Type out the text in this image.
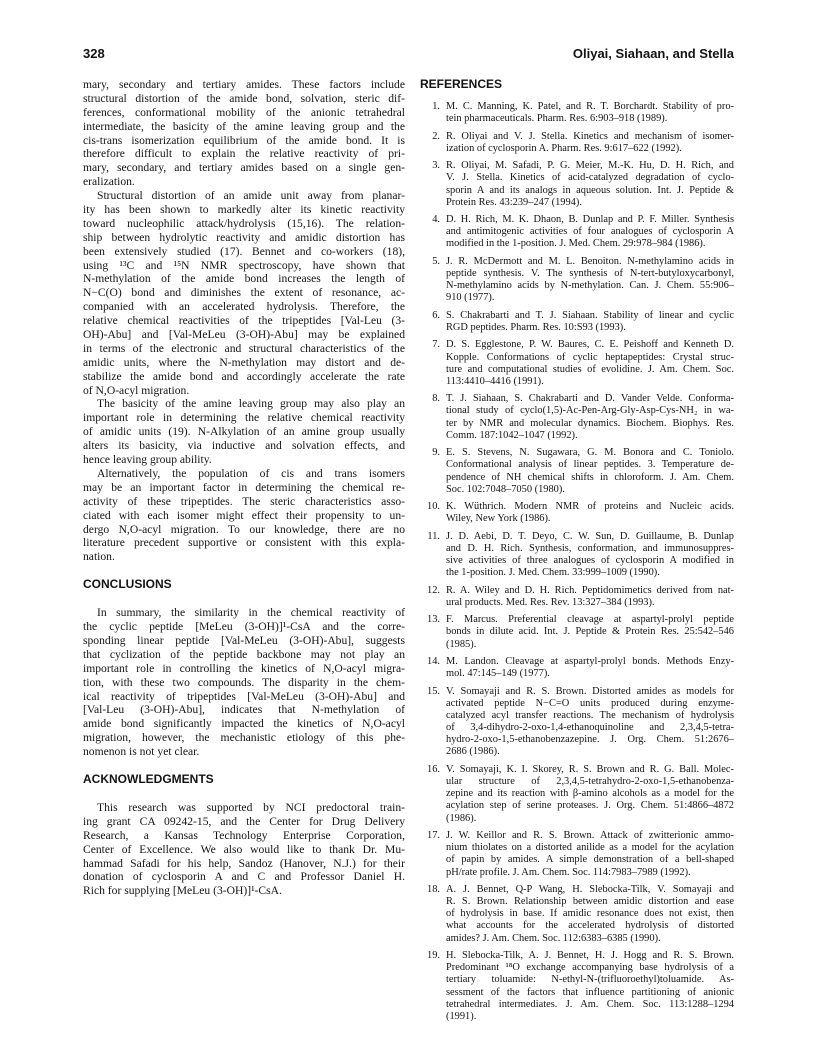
328	Oliyai, Siahaan, and Stella
mary, secondary and tertiary amides. These factors include
structural distortion of the amide bond, solvation, steric dif-
ferences, conformational mobility of the anionic tetrahedral
intermediate, the basicity of the amine leaving group and the
cis-trans isomerization equilibrium of the amide bond. It is
therefore difficult to explain the relative reactivity of pri-
mary, secondary, and tertiary amides based on a single gen-
eralization.
Structural distortion of an amide unit away from planar-
ity has been shown to markedly alter its kinetic reactivity
toward nucleophilic attack/hydrolysis (15,16). The relation-
ship between hydrolytic reactivity and amidic distortion has
been extensively studied (17). Bennet and co-workers (18),
using ¹³C and ¹⁵N NMR spectroscopy, have shown that
N-methylation of the amide bond increases the length of
N−C(O) bond and diminishes the extent of resonance, ac-
companied with an accelerated hydrolysis. Therefore, the
relative chemical reactivities of the tripeptides [Val-Leu (3-
OH)-Abu] and [Val-MeLeu (3-OH)-Abu] may be explained
in terms of the electronic and structural characteristics of the
amidic units, where the N-methylation may distort and de-
stabilize the amide bond and accordingly accelerate the rate
of N,O-acyl migration.
The basicity of the amine leaving group may also play an
important role in determining the relative chemical reactivity
of amidic units (19). N-Alkylation of an amine group usually
alters its basicity, via inductive and solvation effects, and
hence leaving group ability.
Alternatively, the population of cis and trans isomers
may be an important factor in determining the chemical re-
activity of these tripeptides. The steric characteristics asso-
ciated with each isomer might effect their propensity to un-
dergo N,O-acyl migration. To our knowledge, there are no
literature precedent supportive or consistent with this expla-
nation.
CONCLUSIONS
In summary, the similarity in the chemical reactivity of
the cyclic peptide [MeLeu (3-OH)]¹-CsA and the corre-
sponding linear peptide [Val-MeLeu (3-OH)-Abu], suggests
that cyclization of the peptide backbone may not play an
important role in controlling the kinetics of N,O-acyl migra-
tion, with these two compounds. The disparity in the chem-
ical reactivity of tripeptides [Val-MeLeu (3-OH)-Abu] and
[Val-Leu (3-OH)-Abu], indicates that N-methylation of
amide bond significantly impacted the kinetics of N,O-acyl
migration, however, the mechanistic etiology of this phe-
nomenon is not yet clear.
ACKNOWLEDGMENTS
This research was supported by NCI predoctoral train-
ing grant CA 09242-15, and the Center for Drug Delivery
Research, a Kansas Technology Enterprise Corporation,
Center of Excellence. We also would like to thank Dr. Mu-
hammad Safadi for his help, Sandoz (Hanover, N.J.) for their
donation of cyclosporin A and C and Professor Daniel H.
Rich for supplying [MeLeu (3-OH)]¹-CsA.
REFERENCES
1. M. C. Manning, K. Patel, and R. T. Borchardt. Stability of pro-
tein pharmaceuticals. Pharm. Res. 6:903–918 (1989).
2. R. Oliyai and V. J. Stella. Kinetics and mechanism of isomer-
ization of cyclosporin A. Pharm. Res. 9:617–622 (1992).
3. R. Oliyai, M. Safadi, P. G. Meier, M.-K. Hu, D. H. Rich, and
V. J. Stella. Kinetics of acid-catalyzed degradation of cyclo-
sporin A and its analogs in aqueous solution. Int. J. Peptide &
Protein Res. 43:239–247 (1994).
4. D. H. Rich, M. K. Dhaon, B. Dunlap and P. F. Miller. Synthesis
and antimitogenic activities of four analogues of cyclosporin A
modified in the 1-position. J. Med. Chem. 29:978–984 (1986).
5. J. R. McDermott and M. L. Benoiton. N-methylamino acids in
peptide synthesis. V. The synthesis of N-tert-butyloxycarbonyl,
N-methylamino acids by N-methylation. Can. J. Chem. 55:906–
910 (1977).
6. S. Chakrabarti and T. J. Siahaan. Stability of linear and cyclic
RGD peptides. Pharm. Res. 10:S93 (1993).
7. D. S. Egglestone, P. W. Baures, C. E. Peishoff and Kenneth D.
Kopple. Conformations of cyclic heptapeptides: Crystal struc-
ture and computational studies of evolidine. J. Am. Chem. Soc.
113:4410–4416 (1991).
8. T. J. Siahaan, S. Chakrabarti and D. Vander Velde. Conforma-
tional study of cyclo(1,5)-Ac-Pen-Arg-Gly-Asp-Cys-NH₂ in wa-
ter by NMR and molecular dynamics. Biochem. Biophys. Res.
Comm. 187:1042–1047 (1992).
9. E. S. Stevens, N. Sugawara, G. M. Bonora and C. Toniolo.
Conformational analysis of linear peptides. 3. Temperature de-
pendence of NH chemical shifts in chloroform. J. Am. Chem.
Soc. 102:7048–7050 (1980).
10. K. Wüthrich. Modern NMR of proteins and Nucleic acids.
Wiley, New York (1986).
11. J. D. Aebi, D. T. Deyo, C. W. Sun, D. Guillaume, B. Dunlap
and D. H. Rich. Synthesis, conformation, and immunosuppres-
sive activities of three analogues of cyclosporin A modified in
the 1-position. J. Med. Chem. 33:999–1009 (1990).
12. R. A. Wiley and D. H. Rich. Peptidomimetics derived from nat-
ural products. Med. Res. Rev. 13:327–384 (1993).
13. F. Marcus. Preferential cleavage at aspartyl-prolyl peptide
bonds in dilute acid. Int. J. Peptide & Protein Res. 25:542–546
(1985).
14. M. Landon. Cleavage at aspartyl-prolyl bonds. Methods Enzy-
mol. 47:145–149 (1977).
15. V. Somayaji and R. S. Brown. Distorted amides as models for
activated peptide N−C=O units produced during enzyme-
catalyzed acyl transfer reactions. The mechanism of hydrolysis
of 3,4-dihydro-2-oxo-1,4-ethanoquinoline and 2,3,4,5-tetra-
hydro-2-oxo-1,5-ethanobenzazepine. J. Org. Chem. 51:2676–
2686 (1986).
16. V. Somayaji, K. I. Skorey, R. S. Brown and R. G. Ball. Molec-
ular structure of 2,3,4,5-tetrahydro-2-oxo-1,5-ethanobenza-
zepine and its reaction with β-amino alcohols as a model for the
acylation step of serine proteases. J. Org. Chem. 51:4866–4872
(1986).
17. J. W. Keillor and R. S. Brown. Attack of zwitterionic ammo-
nium thiolates on a distorted anilide as a model for the acylation
of papin by amides. A simple demonstration of a bell-shaped
pH/rate profile. J. Am. Chem. Soc. 114:7983–7989 (1992).
18. A. J. Bennet, Q-P Wang, H. Slebocka-Tilk, V. Somayaji and
R. S. Brown. Relationship between amidic distortion and ease
of hydrolysis in base. If amidic resonance does not exist, then
what accounts for the accelerated hydrolysis of distorted
amides? J. Am. Chem. Soc. 112:6383–6385 (1990).
19. H. Slebocka-Tilk, A. J. Bennet, H. J. Hogg and R. S. Brown.
Predominant ¹⁸O exchange accompanying base hydrolysis of a
tertiary toluamide: N-ethyl-N-(trifluoroethyl)toluamide. As-
sessment of the factors that influence partitioning of anionic
tetrahedral intermediates. J. Am. Chem. Soc. 113:1288–1294
(1991).
